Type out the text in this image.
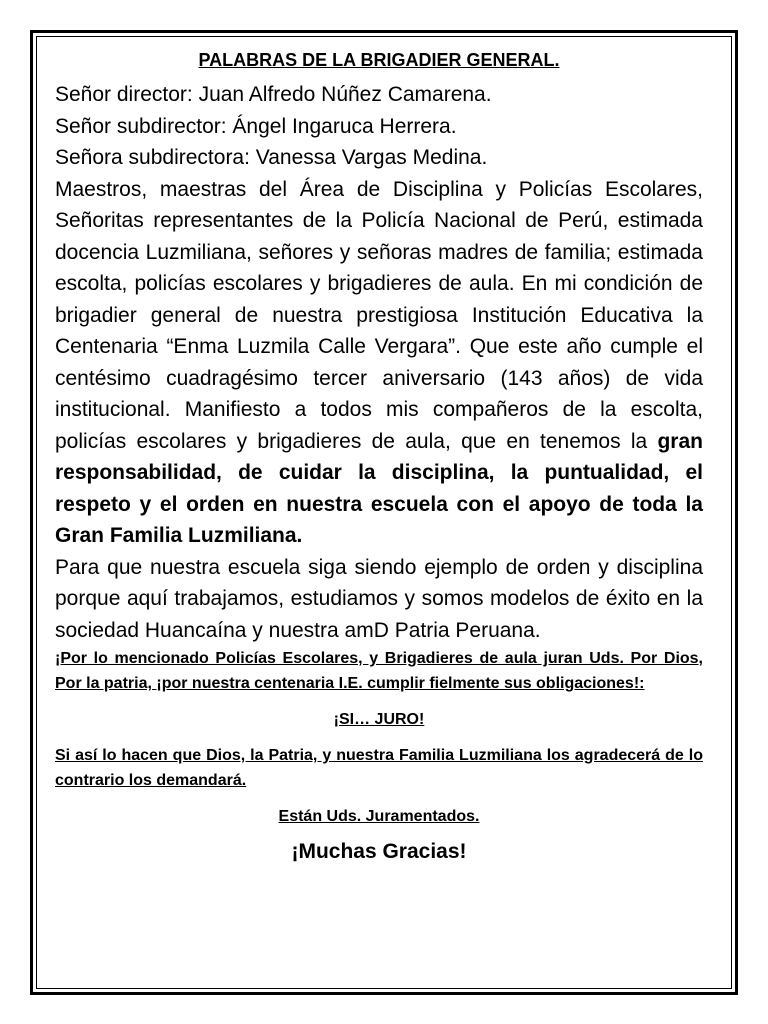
PALABRAS DE LA BRIGADIER GENERAL.

Señor director: Juan Alfredo Núñez Camarena.

Señor subdirector: Ángel Ingaruca Herrera.

Señora subdirectora: Vanessa Vargas Medina.

Maestros, maestras del Área de Disciplina y Policías Escolares, Señoritas representantes de la Policía Nacional de Perú, estimada docencia Luzmiliana, señores y señoras madres de familia; estimada escolta, policías escolares y brigadieres de aula. En mi condición de brigadier general de nuestra prestigiosa Institución Educativa la Centenaria “Enma Luzmila Calle Vergara”. Que este año cumple el centésimo cuadragésimo tercer aniversario (143 años) de vida institucional. Manifiesto a todos mis compañeros de la escolta, policías escolares y brigadieres de aula, que en tenemos la gran responsabilidad, de cuidar la disciplina, la puntualidad, el respeto y el orden en nuestra escuela con el apoyo de toda la Gran Familia Luzmiliana.

Para que nuestra escuela siga siendo ejemplo de orden y disciplina porque aquí trabajamos, estudiamos y somos modelos de éxito en la sociedad Huancaína y nuestra amD Patria Peruana.

¡Por lo mencionado Policías Escolares, y Brigadieres de aula juran Uds. Por Dios, Por la patria, ¡por nuestra centenaria I.E. cumplir fielmente sus obligaciones!:

¡SI… JURO!

Si así lo hacen que Dios, la Patria, y nuestra Familia Luzmiliana los agradecerá de lo contrario los demandará.

Están Uds. Juramentados.

¡Muchas Gracias!
